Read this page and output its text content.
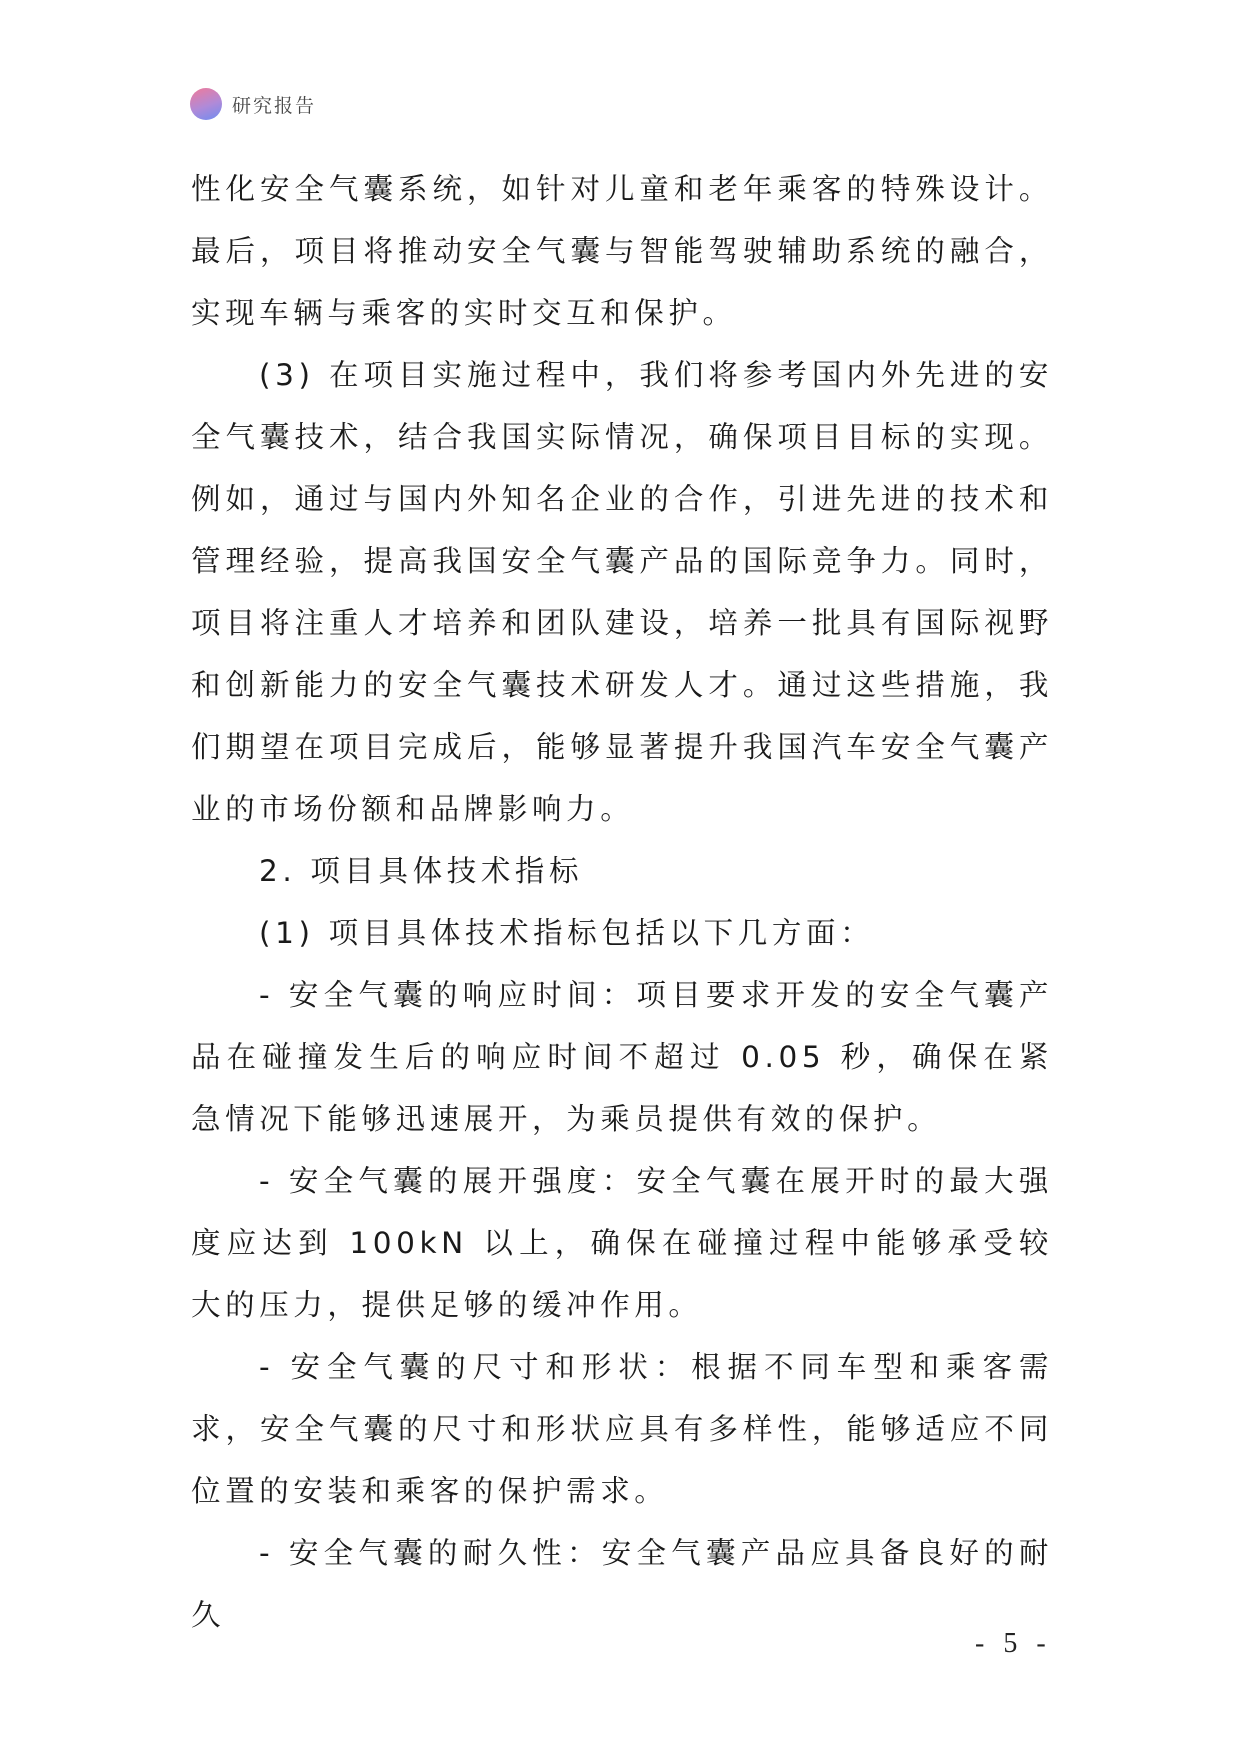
研究报告

性化安全气囊系统，如针对儿童和老年乘客的特殊设计。最后，项目将推动安全气囊与智能驾驶辅助系统的融合，实现车辆与乘客的实时交互和保护。

(3) 在项目实施过程中，我们将参考国内外先进的安全气囊技术，结合我国实际情况，确保项目目标的实现。例如，通过与国内外知名企业的合作，引进先进的技术和管理经验，提高我国安全气囊产品的国际竞争力。同时，项目将注重人才培养和团队建设，培养一批具有国际视野和创新能力的安全气囊技术研发人才。通过这些措施，我们期望在项目完成后，能够显著提升我国汽车安全气囊产业的市场份额和品牌影响力。

2. 项目具体技术指标

(1) 项目具体技术指标包括以下几方面：

- 安全气囊的响应时间：项目要求开发的安全气囊产品在碰撞发生后的响应时间不超过 0.05 秒，确保在紧急情况下能够迅速展开，为乘员提供有效的保护。

- 安全气囊的展开强度：安全气囊在展开时的最大强度应达到 100kN 以上，确保在碰撞过程中能够承受较大的压力，提供足够的缓冲作用。

- 安全气囊的尺寸和形状：根据不同车型和乘客需求，安全气囊的尺寸和形状应具有多样性，能够适应不同位置的安装和乘客的保护需求。

- 安全气囊的耐久性：安全气囊产品应具备良好的耐久

- 5 -
